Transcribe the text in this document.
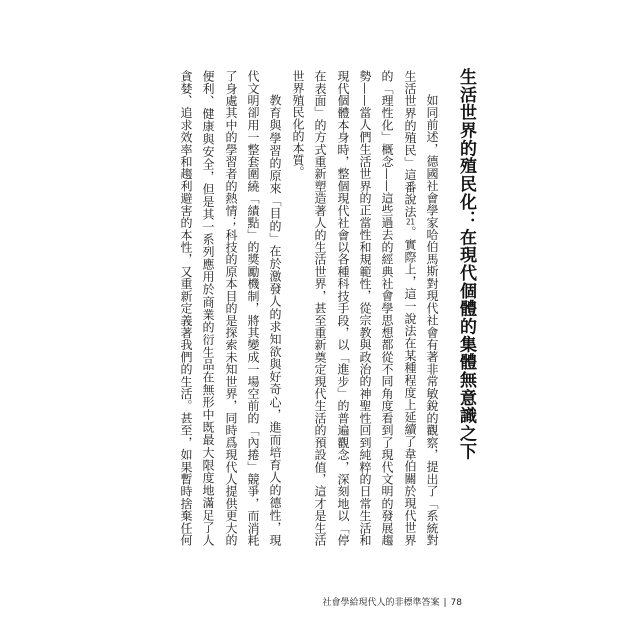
生活世界的殖民化：在現代個體的集體無意識之下
如同前述，德國社會學家哈伯馬斯對現代社會有著非常敏銳的觀察，提出了「系統對
生活世界的殖民」這番說法21。實際上，這一說法在某種程度上延續了韋伯關於現代世界
的「理性化」概念——這些過去的經典社會學思想都從不同角度看到了現代文明的發展趨
勢——當人們生活世界的正當性和規範性，從宗教與政治的神聖性回到純粹的日常生活和
現代個體本身時，整個現代社會以各種科技手段，以「進步」的普遍觀念，深刻地以「停
在表面」的方式重新塑造著人的生活世界，甚至重新奠定現代生活的預設值，這才是生活
世界殖民化的本質。
教育與學習的原來「目的」在於激發人的求知欲與好奇心，進而培育人的德性，現
代文明卻用一整套圍繞「績點」的獎勵機制，將其變成一場空前的「內捲」競爭，而消耗
了身處其中的學習者的熱情；科技的原本目的是探索未知世界，同時爲現代人提供更大的
便利、健康與安全，但是其一系列應用於商業的衍生品在無形中既最大限度地滿足了人
貪婪、追求效率和趨利避害的本性，又重新定義著我們的生活。甚至，如果暫時捨棄任何
社會學給現代人的非標準答案 | 78
